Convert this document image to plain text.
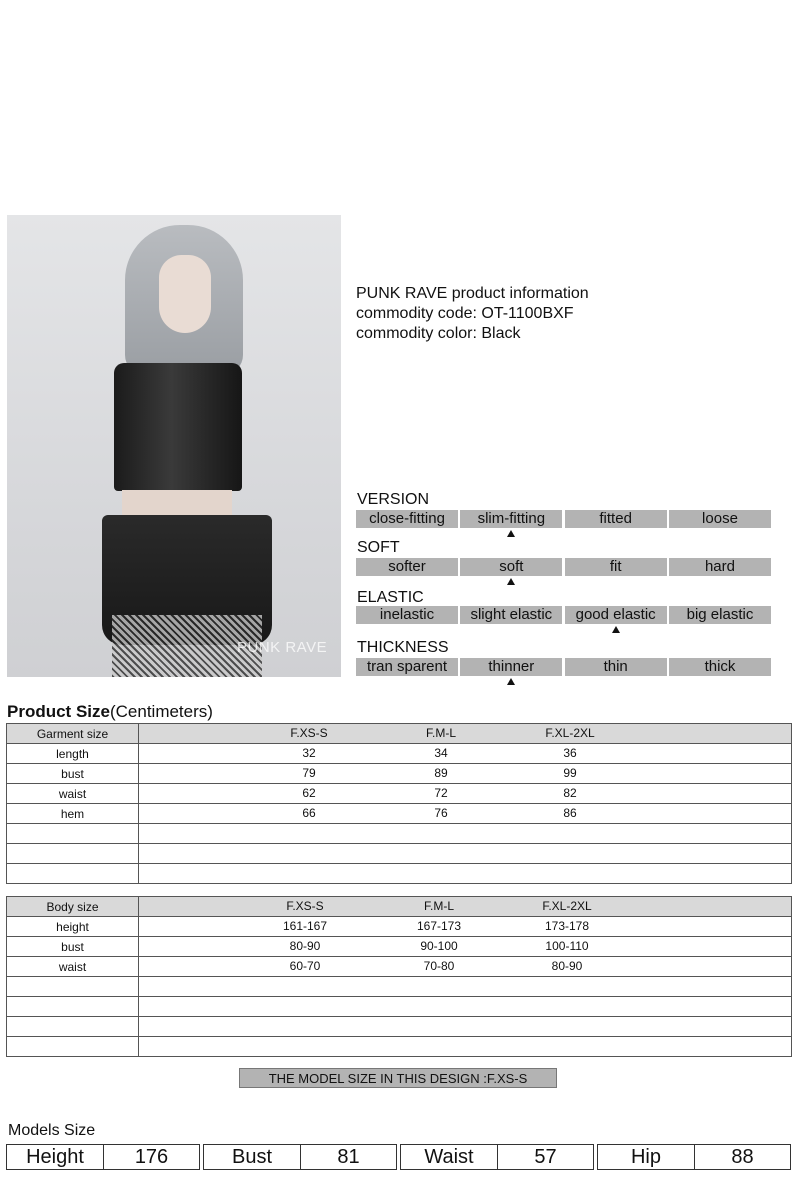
PUNK RAVE
PUNK RAVE product information
commodity code: OT-1100BXF
commodity color: Black
VERSION
close-fitting	slim-fitting	fitted	loose
SOFT
softer	soft	fit	hard
ELASTIC
inelastic	slight elastic	good elastic	big elastic
THICKNESS
tran sparent	thinner	thin	thick
Product Size(Centimeters)
Garment size	F.XS-S F.M-L F.XL-2XL

length	32 34 36

bust	79 89 99

waist	62 72 82

hem	66 76 86

Body size	F.XS-S F.M-L F.XL-2XL

height	161-167 167-173 173-178

bust	80-90 90-100 100-110

waist	60-70 70-80 80-90

THE MODEL SIZE IN THIS DESIGN :F.XS-S
Models Size
Height	176	Bust	81	Waist	57	Hip	88
